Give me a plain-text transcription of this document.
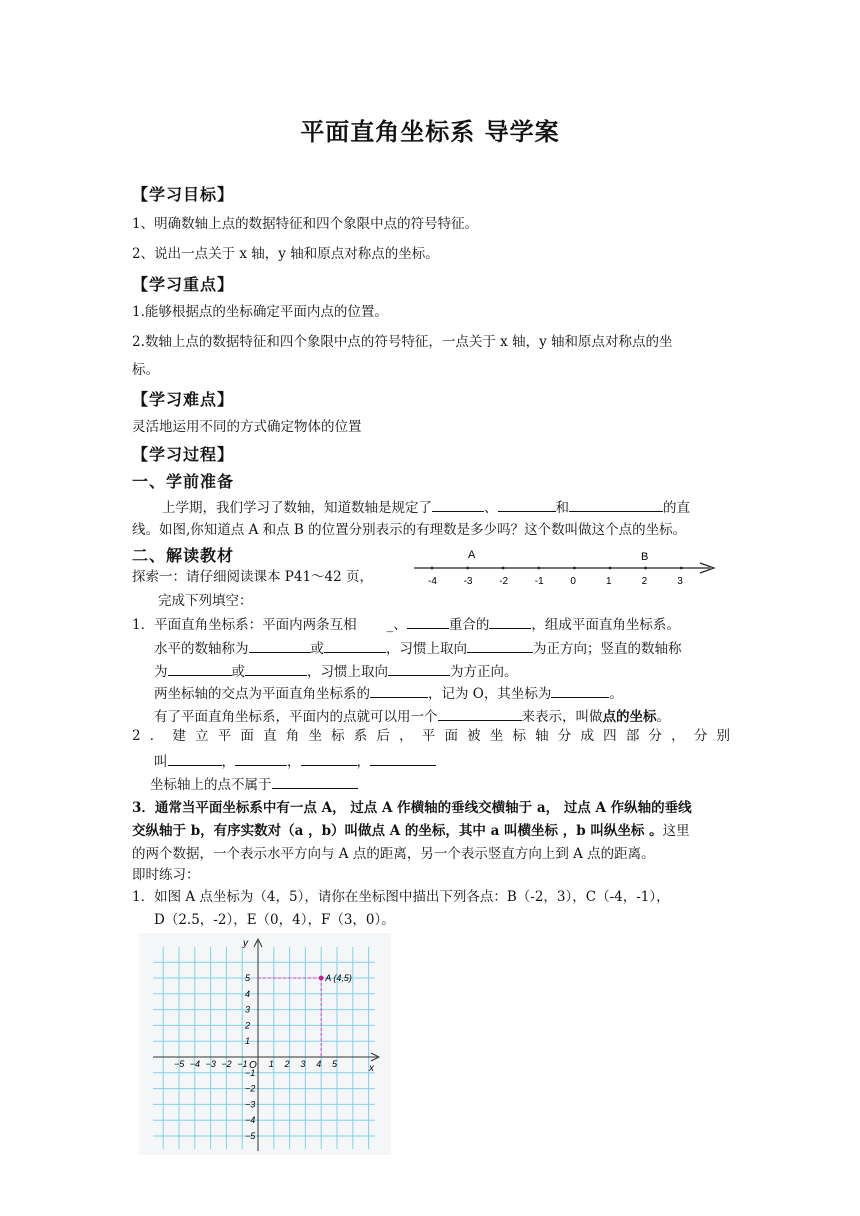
平面直角坐标系 导学案
【学习目标】
1、明确数轴上点的数据特征和四个象限中点的符号特征。
2、说出一点关于 x 轴，y 轴和原点对称点的坐标。
【学习重点】
1.能够根据点的坐标确定平面内点的位置。
2.数轴上点的数据特征和四个象限中点的符号特征，一点关于 x 轴，y 轴和原点对称点的坐
标。
【学习难点】
灵活地运用不同的方式确定物体的位置
【学习过程】
一、学前准备
上学期，我们学习了数轴，知道数轴是规定了	、	和	的直
线。如图,你知道点 A 和点 B 的位置分别表示的有理数是多少吗？这个数叫做这个点的坐标。
二、解读教材
-4	-3	-2	-1	0	1	2	3
A	B
探索一：请仔细阅读课本 P41～42 页，
完成下列填空：
1．平面直角坐标系：平面内两条互相 _、	重合的	，组成平面直角坐标系。
水平的数轴称为	或	，习惯上取向	为正方向；竖直的数轴称
为	或	，习惯上取向	为方正向。
两坐标轴的交点为平面直角坐标系的	，记为 O，其坐标为	。
有了平面直角坐标系，平面内的点就可以用一个	来表示，叫做点的坐标。
2．建立平面直角坐标系后，平面被坐标轴分成四部分，分别
叫	，	，	，
坐标轴上的点不属于
3．通常当平面坐标系中有一点 A， 过点 A 作横轴的垂线交横轴于 a， 过点 A 作纵轴的垂线
交纵轴于 b，有序实数对（a ，b）叫做点 A 的坐标，其中 a 叫横坐标 ，b 叫纵坐标 。这里
的两个数据，一个表示水平方向与 A 点的距离，另一个表示竖直方向上到 A 点的距离。
即时练习：
1．如图 A 点坐标为（4，5），请你在坐标图中描出下列各点：B（-2，3），C（-4，-1），
D（2.5，-2），E（0，4），F（3，0）。
−5 −4 −3 −2 −1 1 2 3 4 5
5
4
3
2
1
−1
−2
−3
−4
−5
x
y
O
A (4,5)
